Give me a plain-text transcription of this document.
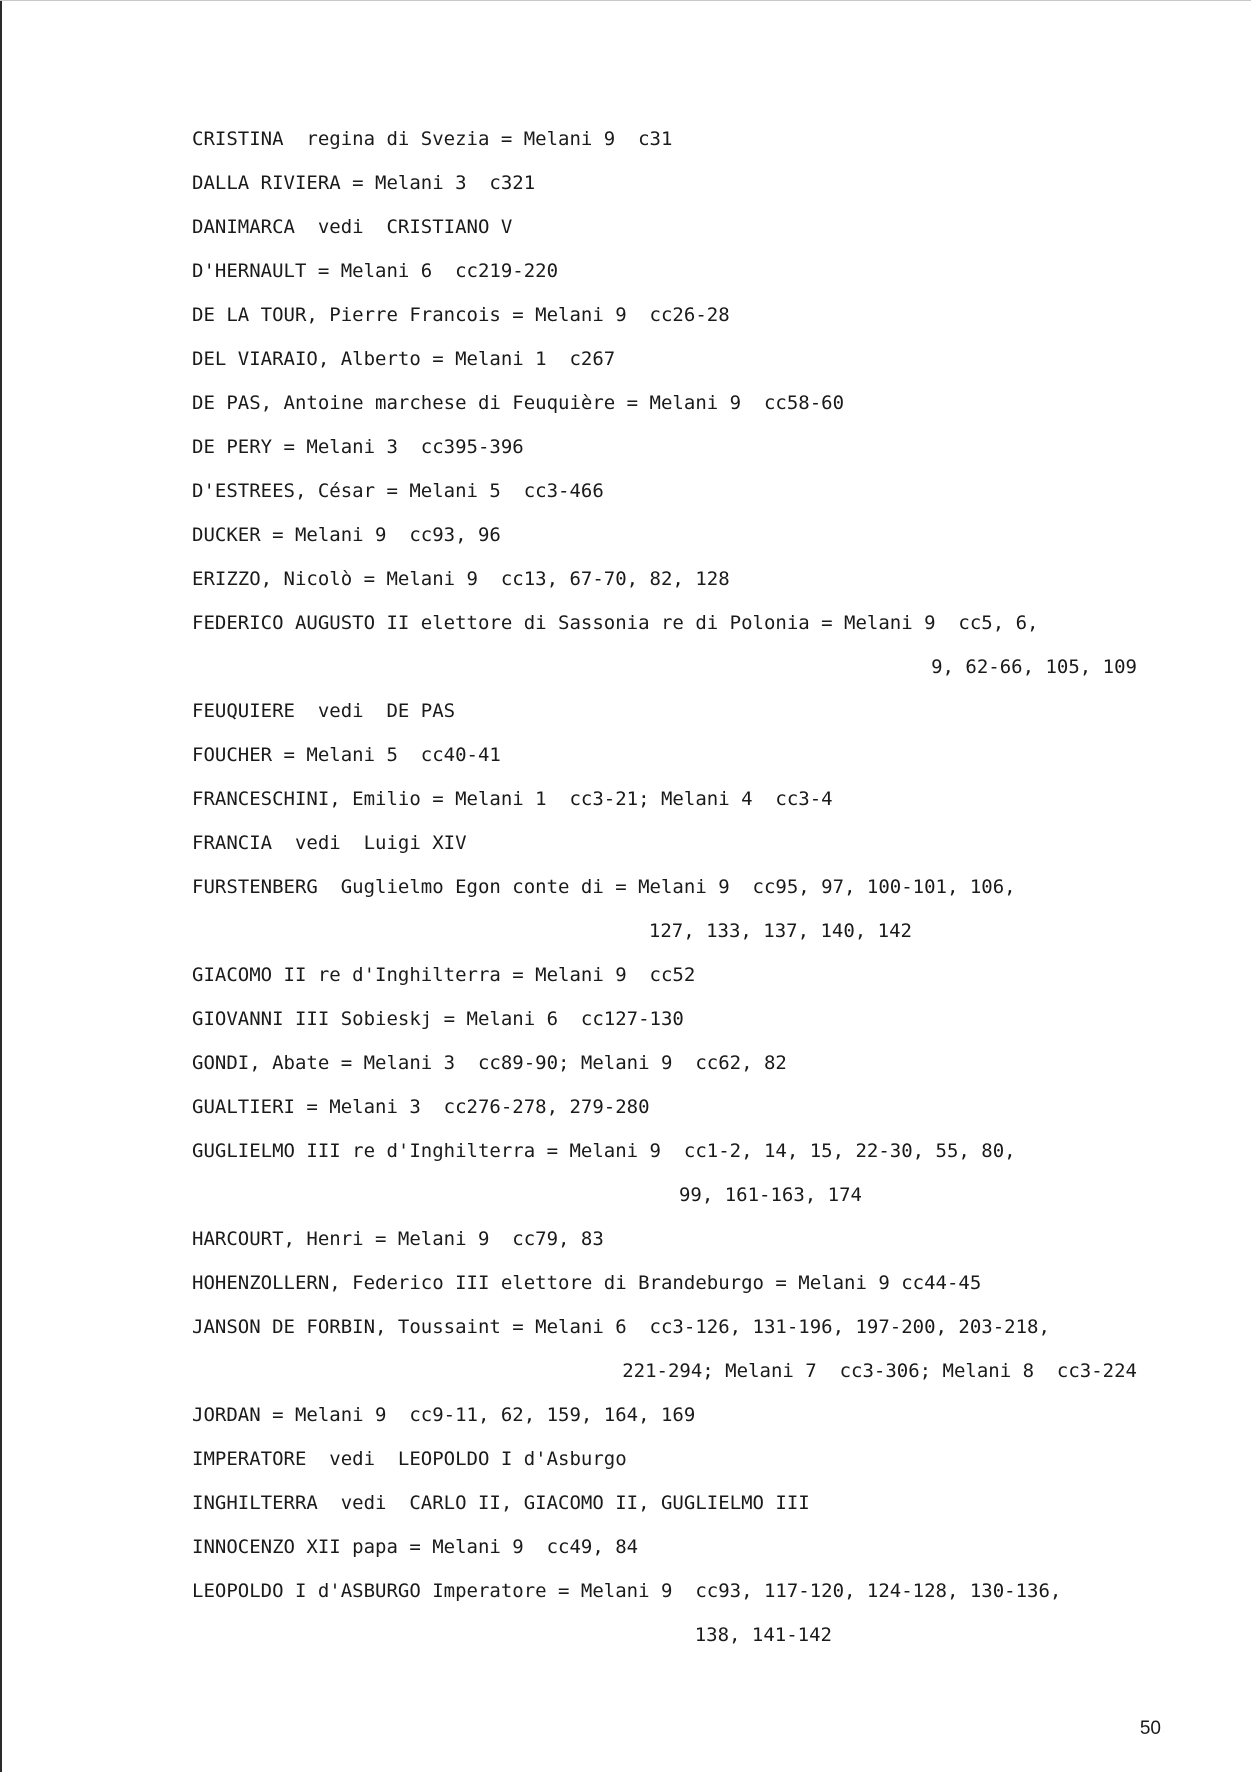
CRISTINA  regina di Svezia = Melani 9  c31
DALLA RIVIERA = Melani 3  c321
DANIMARCA  vedi  CRISTIANO V
D'HERNAULT = Melani 6  cc219-220
DE LA TOUR, Pierre Francois = Melani 9  cc26-28
DEL VIARAIO, Alberto = Melani 1  c267
DE PAS, Antoine marchese di Feuquière = Melani 9  cc58-60
DE PERY = Melani 3  cc395-396
D'ESTREES, César = Melani 5  cc3-466
DUCKER = Melani 9  cc93, 96
ERIZZO, Nicolò = Melani 9  cc13, 67-70, 82, 128
FEDERICO AUGUSTO II elettore di Sassonia re di Polonia = Melani 9  cc5, 6,
9, 62-66, 105, 109
FEUQUIERE  vedi  DE PAS
FOUCHER = Melani 5  cc40-41
FRANCESCHINI, Emilio = Melani 1  cc3-21; Melani 4  cc3-4
FRANCIA  vedi  Luigi XIV
FURSTENBERG  Guglielmo Egon conte di = Melani 9  cc95, 97, 100-101, 106,
127, 133, 137, 140, 142
GIACOMO II re d'Inghilterra = Melani 9  cc52
GIOVANNI III Sobieskj = Melani 6  cc127-130
GONDI, Abate = Melani 3  cc89-90; Melani 9  cc62, 82
GUALTIERI = Melani 3  cc276-278, 279-280
GUGLIELMO III re d'Inghilterra = Melani 9  cc1-2, 14, 15, 22-30, 55, 80,
99, 161-163, 174
HARCOURT, Henri = Melani 9  cc79, 83
HOHENZOLLERN, Federico III elettore di Brandeburgo = Melani 9 cc44-45
JANSON DE FORBIN, Toussaint = Melani 6  cc3-126, 131-196, 197-200, 203-218,
221-294; Melani 7  cc3-306; Melani 8  cc3-224
JORDAN = Melani 9  cc9-11, 62, 159, 164, 169
IMPERATORE  vedi  LEOPOLDO I d'Asburgo
INGHILTERRA  vedi  CARLO II, GIACOMO II, GUGLIELMO III
INNOCENZO XII papa = Melani 9  cc49, 84
LEOPOLDO I d'ASBURGO Imperatore = Melani 9  cc93, 117-120, 124-128, 130-136,
138, 141-142
50
